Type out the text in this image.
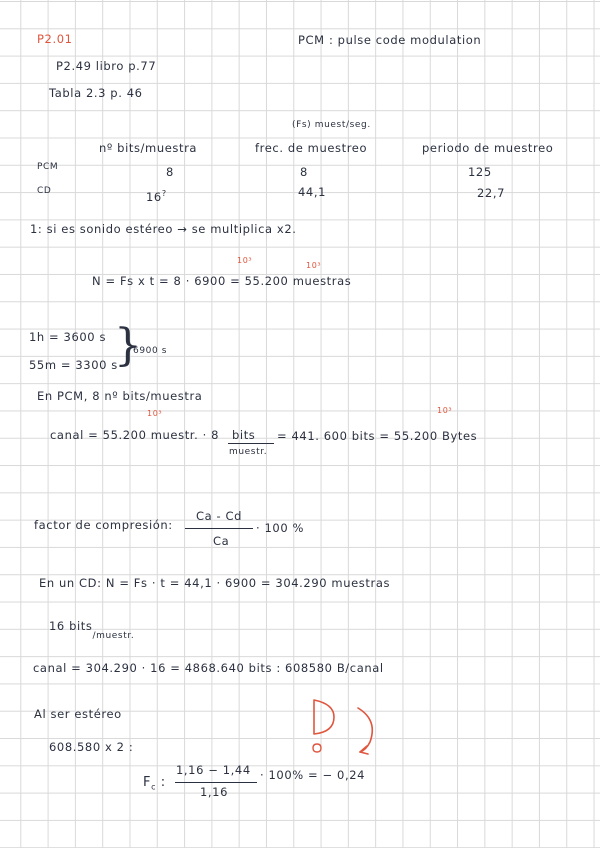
P2.01	PCM : pulse code modulation
P2.49 libro p.77
Tabla 2.3 p. 46
(Fs) muest/seg.
nº bits/muestra	frec. de muestreo	periodo de muestreo
PCM	8	8	125
CD	16?	44,1	22,7
1: si es sonido estéreo → se multiplica x2.
N = Fs x t = 8 · 6900 = 55.200 muestras
10³
10³
1h = 3600 s
55m = 3300 s
}
6900 s
En PCM, 8 nº bits/muestra
canal = 55.200 muestr. · 8 bits
muestr.
= 441. 600 bits = 55.200 Bytes
10³	10³
factor de compresión:
Ca - Cd
Ca
· 100 %
En un CD: N = Fs · t = 44,1 · 6900 = 304.290 muestras
16 bits$_{/muestr.}$
canal = 304.290 · 16 = 4868.640 bits : 608580 B/canal
Al ser estéreo
608.580 x 2 :
$F_c$ :
1,16 − 1,44
1,16
· 100% = − 0,24
